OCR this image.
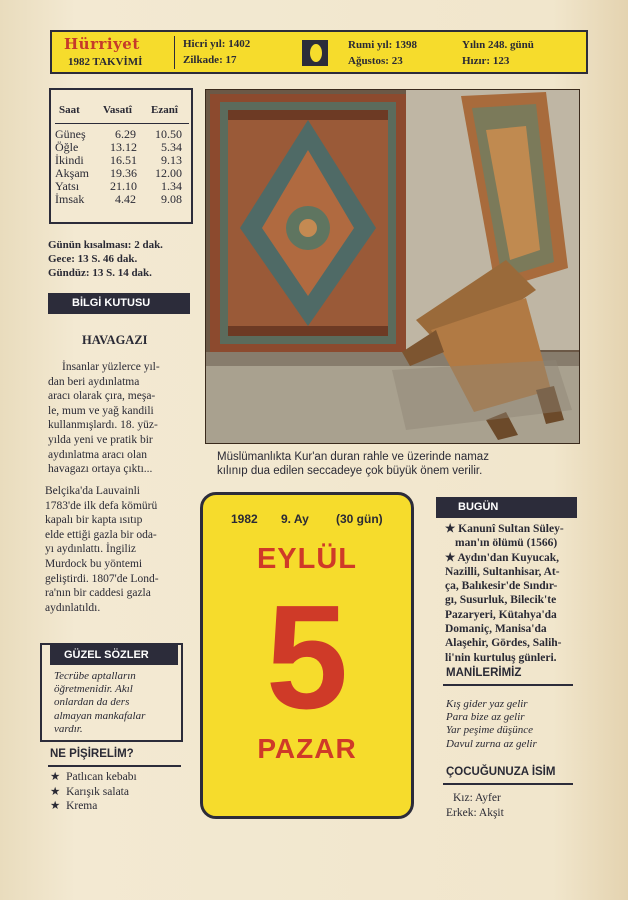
Hürriyet
1982 TAKVİMİ
Hicri yıl: 1402
Zilkade: 17
Rumi yıl: 1398
Ağustos: 23
Yılın 248. günü
Hızır: 123
Saat Vasatî Ezanî
Güneş 6.29 10.50
Öğle	13.12 5.34
İkindi 16.51 9.13
Akşam 19.36 12.00
Yatsı	21.10 1.34
İmsak	4.42 9.08
Günün kısalması: 2 dak.
Gece: 13 S. 46 dak.
Gündüz: 13 S. 14 dak.
BİLGİ KUTUSU
HAVAGAZI
İnsanlar yüzlerce yıl-
dan beri aydınlatma
aracı olarak çıra, meşa-
le, mum ve yağ kandili
kullanmışlardı. 18. yüz-
yılda yeni ve pratik bir
aydınlatma aracı olan
havagazı ortaya çıktı...
Belçika'da Lauvainli
1783'de ilk defa kömürü
kapalı bir kapta ısıtıp
elde ettiği gazla bir oda-
yı aydınlattı. İngiliz
Murdock bu yöntemi
geliştirdi. 1807'de Lond-
ra'nın bir caddesi gazla
aydınlatıldı.
GÜZEL SÖZLER
Tecrübe aptalların
öğretmenidir. Akıl
onlardan da ders
almayan mankafalar
vardır.
NE PİŞİRELİM?
★ Patlıcan kebabı
★ Karışık salata
★ Krema
Müslümanlıkta Kur'an duran rahle ve üzerinde namaz
kılınıp dua edilen seccadeye çok büyük önem verilir.
1982 9. Ay (30 gün)
EYLÜL
5
PAZAR
BUGÜN
★ Kanunî Sultan Süley-
man'ın ölümü (1566)
★ Aydın'dan Kuyucak,
Nazilli, Sultanhisar, At-
ça, Balıkesir'de Sındır-
gı, Susurluk, Bilecik'te
Pazaryeri, Kütahya'da
Domaniç, Manisa'da
Alaşehir, Gördes, Salih-
li'nin kurtuluş günleri.
MANİLERİMİZ
Kış gider yaz gelir
Para bize az gelir
Yar peşime düşünce
Davul zurna az gelir
ÇOCUĞUNUZA İSİM
Kız: Ayfer
Erkek: Akşit
